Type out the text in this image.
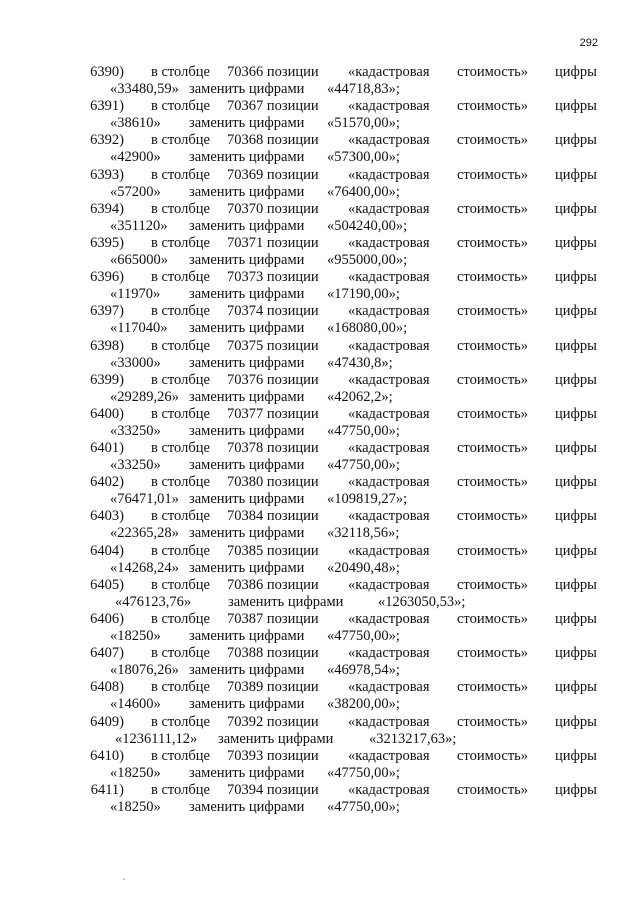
292
6390) в столбце 70366 позиции «кадастровая стоимость» цифры
«33480,59» заменить цифрами «44718,83»;
6391) в столбце 70367 позиции «кадастровая стоимость» цифры
«38610» заменить цифрами «51570,00»;
6392) в столбце 70368 позиции «кадастровая стоимость» цифры
«42900» заменить цифрами «57300,00»;
6393) в столбце 70369 позиции «кадастровая стоимость» цифры
«57200» заменить цифрами «76400,00»;
6394) в столбце 70370 позиции «кадастровая стоимость» цифры
«351120» заменить цифрами «504240,00»;
6395) в столбце 70371 позиции «кадастровая стоимость» цифры
«665000» заменить цифрами «955000,00»;
6396) в столбце 70373 позиции «кадастровая стоимость» цифры
«11970» заменить цифрами «17190,00»;
6397) в столбце 70374 позиции «кадастровая стоимость» цифры
«117040» заменить цифрами «168080,00»;
6398) в столбце 70375 позиции «кадастровая стоимость» цифры
«33000» заменить цифрами «47430,8»;
6399) в столбце 70376 позиции «кадастровая стоимость» цифры
«29289,26» заменить цифрами «42062,2»;
6400) в столбце 70377 позиции «кадастровая стоимость» цифры
«33250» заменить цифрами «47750,00»;
6401) в столбце 70378 позиции «кадастровая стоимость» цифры
«33250» заменить цифрами «47750,00»;
6402) в столбце 70380 позиции «кадастровая стоимость» цифры
«76471,01» заменить цифрами «109819,27»;
6403) в столбце 70384 позиции «кадастровая стоимость» цифры
«22365,28» заменить цифрами «32118,56»;
6404) в столбце 70385 позиции «кадастровая стоимость» цифры
«14268,24» заменить цифрами «20490,48»;
6405) в столбце 70386 позиции «кадастровая стоимость» цифры
«476123,76»	заменить цифрами «1263050,53»;
6406) в столбце 70387 позиции «кадастровая стоимость» цифры
«18250» заменить цифрами «47750,00»;
6407) в столбце 70388 позиции «кадастровая стоимость» цифры
«18076,26» заменить цифрами «46978,54»;
6408) в столбце 70389 позиции «кадастровая стоимость» цифры
«14600» заменить цифрами «38200,00»;
6409) в столбце 70392 позиции «кадастровая стоимость» цифры
«1236111,12» заменить цифрами «3213217,63»;
6410) в столбце 70393 позиции «кадастровая стоимость» цифры
«18250» заменить цифрами «47750,00»;
6411) в столбце 70394 позиции «кадастровая стоимость» цифры
«18250» заменить цифрами «47750,00»;
